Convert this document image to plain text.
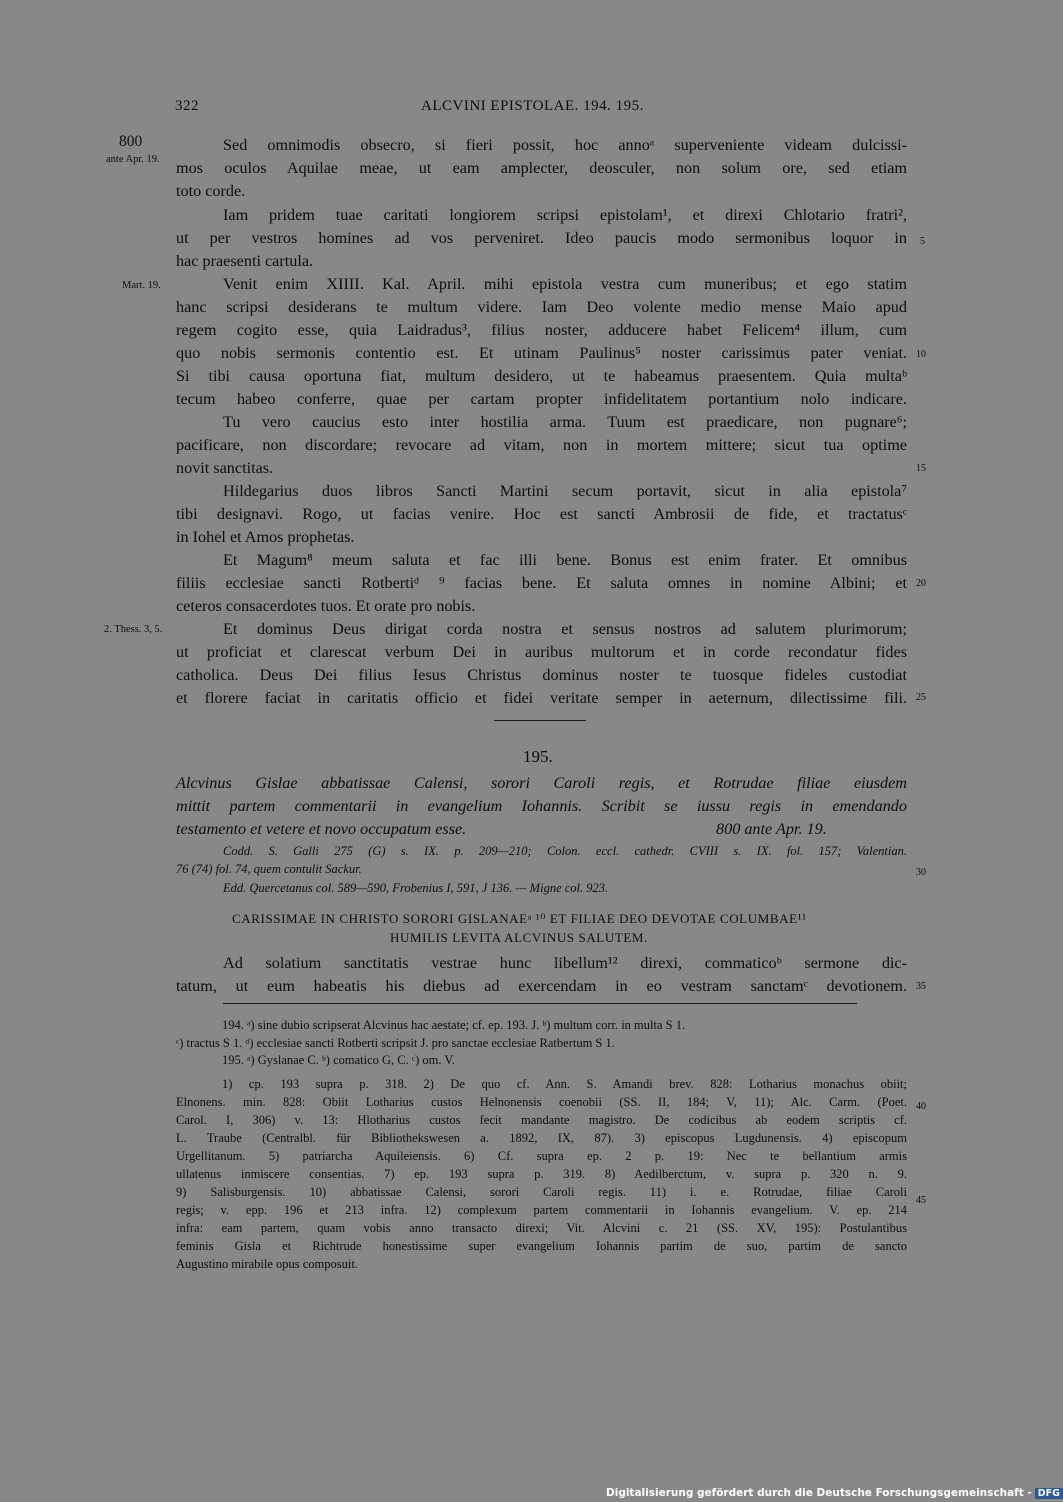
322	ALCVINI EPISTOLAE. 194. 195.
800
ante Apr. 19.
Mart. 19.
2. Thess. 3, 5.
5
10
15
20
25
30
35
40
45
Sed omnimodis obsecro, si fieri possit, hoc annoᵃ superveniente videam dulcissi-
mos oculos Aquilae meae, ut eam amplecter, deosculer, non solum ore, sed etiam
toto corde.
Iam pridem tuae caritati longiorem scripsi epistolam¹, et direxi Chlotario fratri²,
ut per vestros homines ad vos perveniret. Ideo paucis modo sermonibus loquor in
hac praesenti cartula.
Venit enim XIIII. Kal. April. mihi epistola vestra cum muneribus; et ego statim
hanc scripsi desiderans te multum videre. Iam Deo volente medio mense Maio apud
regem cogito esse, quia Laidradus³, filius noster, adducere habet Felicem⁴ illum, cum
quo nobis sermonis contentio est. Et utinam Paulinus⁵ noster carissimus pater veniat.
Si tibi causa oportuna fiat, multum desidero, ut te habeamus praesentem. Quia multaᵇ
tecum habeo conferre, quae per cartam propter infidelitatem portantium nolo indicare.
Tu vero caucius esto inter hostilia arma. Tuum est praedicare, non pugnare⁶;
pacificare, non discordare; revocare ad vitam, non in mortem mittere; sicut tua optime
novit sanctitas.
Hildegarius duos libros Sancti Martini secum portavit, sicut in alia epistola⁷
tibi designavi. Rogo, ut facias venire. Hoc est sancti Ambrosii de fide, et tractatusᶜ
in Iohel et Amos prophetas.
Et Magum⁸ meum saluta et fac illi bene. Bonus est enim frater. Et omnibus
filiis ecclesiae sancti Rotbertiᵈ ⁹ facias bene. Et saluta omnes in nomine Albini; et
ceteros consacerdotes tuos. Et orate pro nobis.
Et dominus Deus dirigat corda nostra et sensus nostros ad salutem plurimorum;
ut proficiat et clarescat verbum Dei in auribus multorum et in corde recondatur fides
catholica. Deus Dei filius Iesus Christus dominus noster te tuosque fideles custodiat
et florere faciat in caritatis officio et fidei veritate semper in aeternum, dilectissime fili.
195.
Alcvinus Gislae abbatissae Calensi, sorori Caroli regis, et Rotrudae filiae eiusdem
mittit partem commentarii in evangelium Iohannis. Scribit se iussu regis in emendando
testamento et vetere et novo occupatum esse.	800 ante Apr. 19.
Codd. S. Galli 275 (G) s. IX. p. 209—210; Colon. eccl. cathedr. CVIII s. IX. fol. 157; Valentian.
76 (74) fol. 74, quem contulit Sackur.
Edd. Quercetanus col. 589—590, Frobenius I, 591, J 136. — Migne col. 923.
CARISSIMAE IN CHRISTO SORORI GISLANAEᵃ ¹⁰ ET FILIAE DEO DEVOTAE COLUMBAE¹¹
HUMILIS LEVITA ALCVINUS SALUTEM.
Ad solatium sanctitatis vestrae hunc libellum¹² direxi, commaticoᵇ sermone dic-
tatum, ut eum habeatis his diebus ad exercendam in eo vestram sanctamᶜ devotionem.
194. ᵃ) sine dubio scripserat Alcvinus hac aestate; cf. ep. 193. J. ᵇ) multum corr. in multa S 1.
ᶜ) tractus S 1. ᵈ) ecclesiae sancti Rotberti scripsit J. pro sanctae ecclesiae Ratbertum S 1.
195. ᵃ) Gyslanae C. ᵇ) comatico G, C. ᶜ) om. V.
1) cp. 193 supra p. 318. 2) De quo cf. Ann. S. Amandi brev. 828: Lotharius monachus obiit;
Elnonens. min. 828: Obiit Lotharius custos Helnonensis coenobii (SS. II, 184; V, 11); Alc. Carm. (Poet.
Carol. I, 306) v. 13: Hlotharius custos fecit mandante magistro. De codicibus ab eodem scriptis cf.
L. Traube (Centralbl. für Bibliothekswesen a. 1892, IX, 87). 3) episcopus Lugdunensis. 4) episcopum
Urgellitanum. 5) patriarcha Aquileiensis. 6) Cf. supra ep. 2 p. 19: Nec te bellantium armis
ullatenus inmiscere consentias. 7) ep. 193 supra p. 319. 8) Aedilberctum, v. supra p. 320 n. 9.
9) Salisburgensis. 10) abbatissae Calensi, sorori Caroli regis. 11) i. e. Rotrudae, filiae Caroli
regis; v. epp. 196 et 213 infra. 12) complexum partem commentarii in Iohannis evangelium. V. ep. 214
infra: eam partem, quam vobis anno transacto direxi; Vit. Alcvini c. 21 (SS. XV, 195): Postulantibus
feminis Gisla et Richtrude honestissime super evangelium Iohannis partim de suo, partim de sancto
Augustino mirabile opus composuit.
Digitalisierung gefördert durch die Deutsche Forschungsgemeinschaft - DFG
